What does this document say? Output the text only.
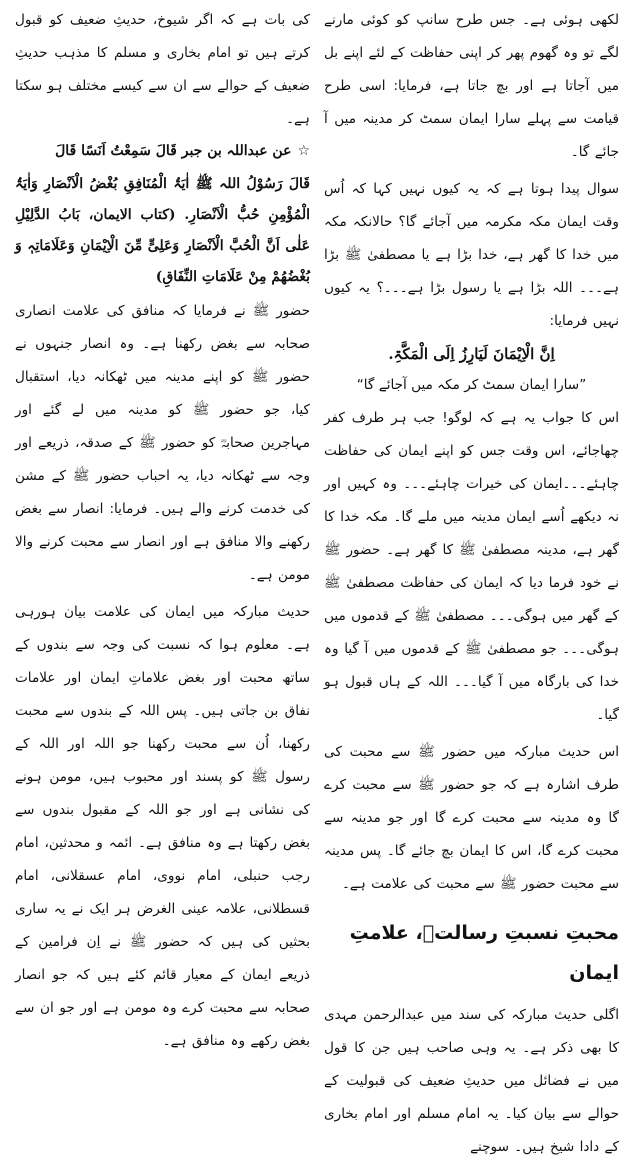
لکھی ہوئی ہے۔ جس طرح سانپ کو کوئی مارنے لگے تو وہ گھوم پھر کر اپنی حفاظت کے لئے اپنے بل میں آجاتا ہے اور بچ جاتا ہے، فرمایا: اسی طرح قیامت سے پہلے سارا ایمان سمٹ کر مدینہ میں آ جائے گا۔

سوال پیدا ہوتا ہے کہ یہ کیوں نہیں کہا کہ اُس وقت ایمان مکہ مکرمہ میں آجائے گا؟ حالانکہ مکہ میں خدا کا گھر ہے، خدا بڑا ہے یا مصطفیٰ ﷺ بڑا ہے۔۔۔ اللہ بڑا ہے یا رسول بڑا ہے۔۔۔؟ یہ کیوں نہیں فرمایا:

اِنَّ الْاِیْمَانَ لَیَارِزُ اِلَی الْمَکَّۃِ.

”سارا ایمان سمٹ کر مکہ میں آجائے گا“

اس کا جواب یہ ہے کہ لوگو! جب ہر طرف کفر چھاجائے، اس وقت جس کو اپنے ایمان کی حفاظت چاہئے۔۔۔ایمان کی خیرات چاہئے۔۔۔ وہ کہیں اور نہ دیکھے اُسے ایمان مدینہ میں ملے گا۔ مکہ خدا کا گھر ہے، مدینہ مصطفیٰ ﷺ کا گھر ہے۔ حضور ﷺ نے خود فرما دیا کہ ایمان کی حفاظت مصطفیٰ ﷺ کے گھر میں ہوگی۔۔۔ مصطفیٰ ﷺ کے قدموں میں ہوگی۔۔۔ جو مصطفیٰ ﷺ کے قدموں میں آ گیا وہ خدا کی بارگاہ میں آ گیا۔۔۔ اللہ کے ہاں قبول ہو گیا۔

اس حدیث مبارکہ میں حضور ﷺ سے محبت کی طرف اشارہ ہے کہ جو حضور ﷺ سے محبت کرے گا وہ مدینہ سے محبت کرے گا اور جو مدینہ سے محبت کرے گا، اس کا ایمان بچ جائے گا۔ پس مدینہ سے محبت حضور ﷺ سے محبت کی علامت ہے۔

محبتِ نسبتِ رسالتؐ، علامتِ ایمان

اگلی حدیث مبارکہ کی سند میں عبدالرحمن مہدی کا بھی ذکر ہے۔ یہ وہی صاحب ہیں جن کا قول میں نے فضائل میں حدیثِ ضعیف کی قبولیت کے حوالے سے بیان کیا۔ یہ امام مسلم اور امام بخاری کے دادا شیخ ہیں۔ سوچنے

کی بات ہے کہ اگر شیوخ، حدیثِ ضعیف کو قبول کرتے ہیں تو امام بخاری و مسلم کا مذہب حدیثِ ضعیف کے حوالے سے ان سے کیسے مختلف ہو سکتا ہے۔

☆

عن عبداللہ بن جبر قَالَ سَمِعْتُ اَنَسًا قَالَ

قَالَ رَسُوْلُ اللہ ﷺ اٰیَۃُ الْمُنَافِقِ بُغْضُ الْاَنْصَارِ وَاٰیَۃُ الْمُؤْمِنِ حُبُّ الْاَنْصَارِ. (کتاب الایمان، بَابُ الدَّلِیْلِ عَلٰی اَنَّ الْحُبَّ الْاَنْصَارِ وَعَلِیٍّ مِّنَ الْاِیْمَانِ وَعَلَامَاتِہٖ وَ بُغْضُھُمْ مِنْ عَلَامَاتِ النِّفَاقِ)

حضور ﷺ نے فرمایا کہ منافق کی علامت انصاری صحابہ سے بغض رکھنا ہے۔ وہ انصار جنہوں نے حضور ﷺ کو اپنے مدینہ میں ٹھکانہ دیا، استقبال کیا، جو حضور ﷺ کو مدینہ میں لے گئے اور مہاجرین صحابہؓ کو حضور ﷺ کے صدقہ، ذریعے اور وجہ سے ٹھکانہ دیا، یہ احباب حضور ﷺ کے مشن کی خدمت کرنے والے ہیں۔ فرمایا: انصار سے بغض رکھنے والا منافق ہے اور انصار سے محبت کرنے والا مومن ہے۔

حدیث مبارکہ میں ایمان کی علامت بیان ہورہی ہے۔ معلوم ہوا کہ نسبت کی وجہ سے بندوں کے ساتھ محبت اور بغض علاماتِ ایمان اور علامات نفاق بن جاتی ہیں۔ پس اللہ کے بندوں سے محبت رکھنا، اُن سے محبت رکھنا جو اللہ اور اللہ کے رسول ﷺ کو پسند اور محبوب ہیں، مومن ہونے کی نشانی ہے اور جو اللہ کے مقبول بندوں سے بغض رکھتا ہے وہ منافق ہے۔ ائمہ و محدثین، امام رجب حنبلی، امام نووی، امام عسقلانی، امام قسطلانی، علامہ عینی الغرض ہر ایک نے یہ ساری بحثیں کی ہیں کہ حضور ﷺ نے اِن فرامین کے ذریعے ایمان کے معیار قائم کئے ہیں کہ جو انصار صحابہ سے محبت کرے وہ مومن ہے اور جو ان سے بغض رکھے وہ منافق ہے۔
